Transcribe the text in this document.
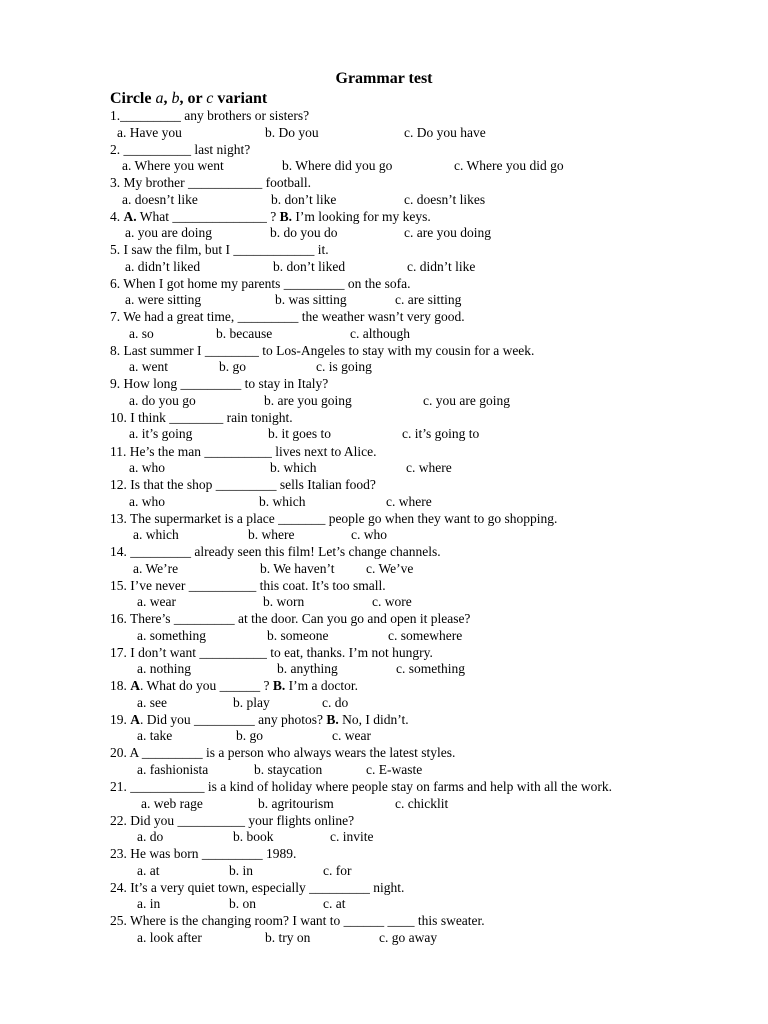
Grammar test
Circle a, b, or c variant
1._________ any brothers or sisters?
a. Have you	b. Do you	c. Do you have
2. __________ last night?
a. Where you went	b. Where did you go	c. Where you did go
3. My brother ___________ football.
a. doesn’t like	b. don’t like	c. doesn’t likes
4. A. What ______________ ? B. I’m looking for my keys.
a. you are doing	b. do you do	c. are you doing
5. I saw the film, but I ____________ it.
a. didn’t liked	b. don’t liked	c. didn’t like
6. When I got home my parents _________ on the sofa.
a. were sitting	b. was sitting	c. are sitting
7. We had a great time, _________ the weather wasn’t very good.
a. so	b. because	c. although
8. Last summer I ________ to Los-Angeles to stay with my cousin for a week.
a. went	b. go	c. is going
9. How long _________ to stay in Italy?
a. do you go	b. are you going	c. you are going
10. I think ________ rain tonight.
a. it’s going	b. it goes to	c. it’s going to
11. He’s the man __________ lives next to Alice.
a. who	b. which	c. where
12. Is that the shop _________ sells Italian food?
a. who	b. which	c. where
13. The supermarket is a place _______ people go when they want to go shopping.
a. which	b. where	c. who
14. _________ already seen this film! Let’s change channels.
a. We’re	b. We haven’t c. We’ve
15. I’ve never __________ this coat. It’s too small.
a. wear	b. worn	c. wore
16. There’s _________ at the door. Can you go and open it please?
a. something	b. someone	c. somewhere
17. I don’t want __________ to eat, thanks. I’m not hungry.
a. nothing	b. anything	c. something
18. A. What do you ______ ? B. I’m a doctor.
a. see	b. play	c. do
19. A. Did you _________ any photos? B. No, I didn’t.
a. take	b. go	c. wear
20. A _________ is a person who always wears the latest styles.
a. fashionista	b. staycation	c. E-waste
21. ___________ is a kind of holiday where people stay on farms and help with all the work.
a. web rage	b. agritourism	c. chicklit
22. Did you __________ your flights online?
a. do	b. book	c. invite
23. He was born _________ 1989.
a. at	b. in	c. for
24. It’s a very quiet town, especially _________ night.
a. in	b. on	c. at
25. Where is the changing room? I want to ______ ____ this sweater.
a. look after	b. try on	c. go away
